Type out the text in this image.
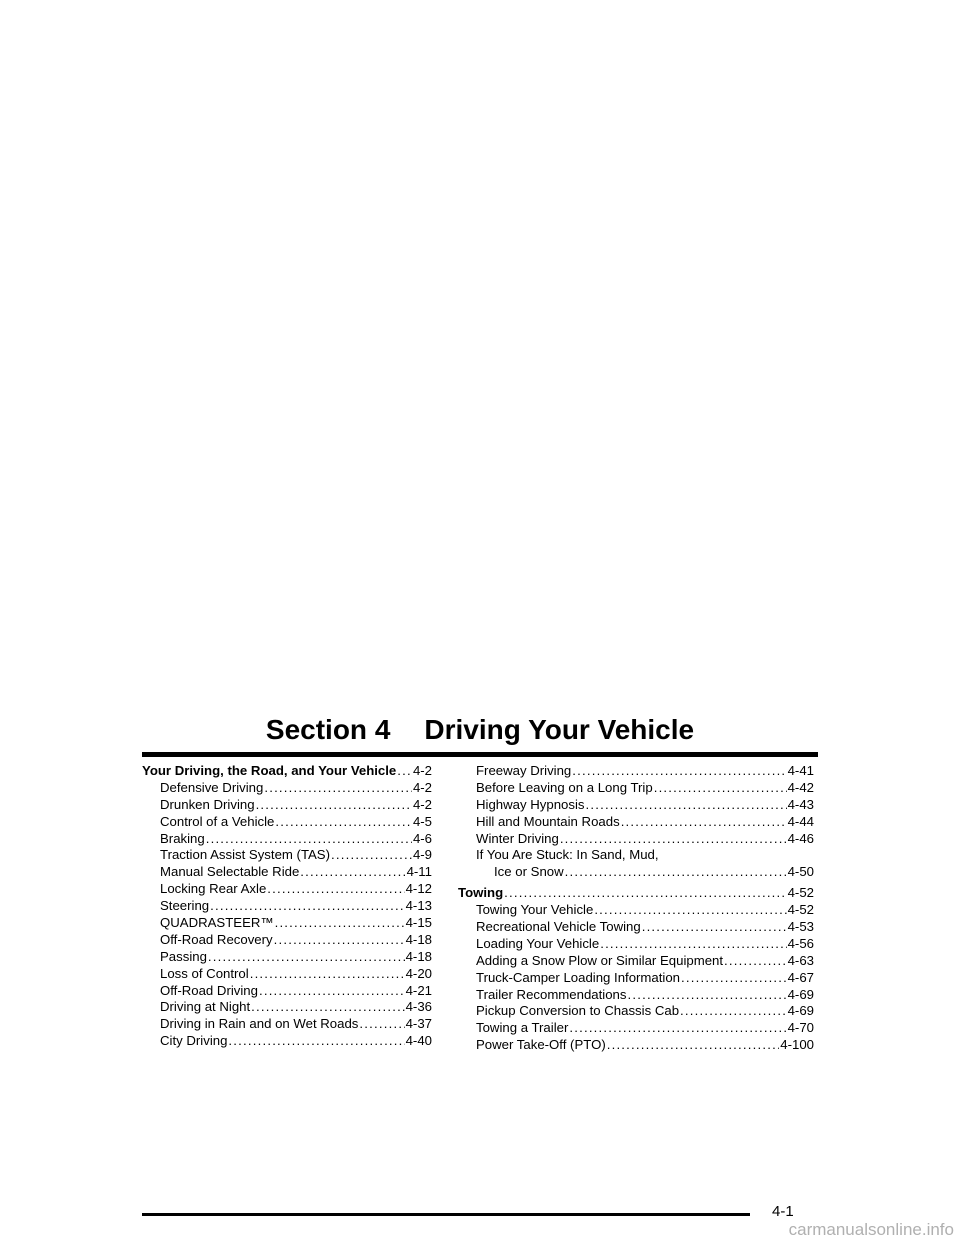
Section 4 Driving Your Vehicle
Your Driving, the Road, and Your Vehicle ..... 4-2
Defensive Driving .....	4-2
Drunken Driving .....	4-2
Control of a Vehicle .....	4-5
Braking .....	4-6
Traction Assist System (TAS) .....	4-9
Manual Selectable Ride .....	4-11
Locking Rear Axle .....	4-12
Steering .....	4-13
QUADRASTEER™ .....	4-15
Off-Road Recovery .....	4-18
Passing .....	4-18
Loss of Control .....	4-20
Off-Road Driving .....	4-21
Driving at Night .....	4-36
Driving in Rain and on Wet Roads .....	4-37
City Driving .....	4-40
Freeway Driving .....	4-41
Before Leaving on a Long Trip .....	4-42
Highway Hypnosis .....	4-43
Hill and Mountain Roads .....	4-44
Winter Driving .....	4-46
If You Are Stuck: In Sand, Mud,
Ice or Snow .....	4-50
Towing .....	4-52
Towing Your Vehicle .....	4-52
Recreational Vehicle Towing .....	4-53
Loading Your Vehicle .....	4-56
Adding a Snow Plow or Similar Equipment .....	4-63
Truck-Camper Loading Information .....	4-67
Trailer Recommendations .....	4-69
Pickup Conversion to Chassis Cab .....	4-69
Towing a Trailer .....	4-70
Power Take-Off (PTO) .....	4-100
4-1
carmanualsonline.info
